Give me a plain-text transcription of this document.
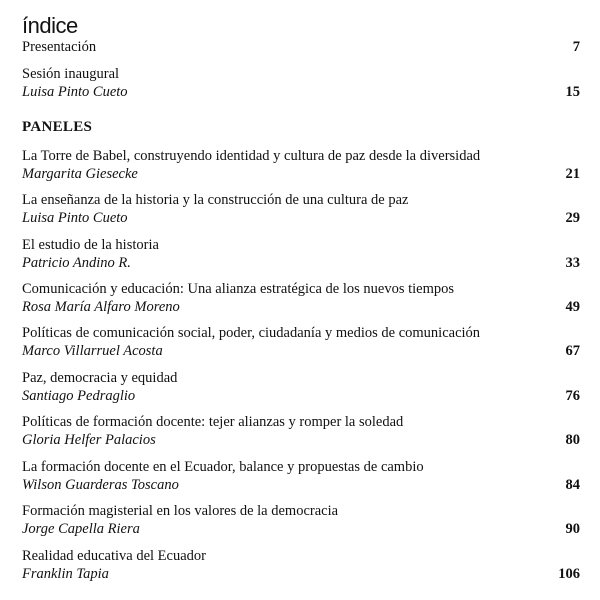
índice
Presentación	7
Sesión inaugural
Luisa Pinto Cueto	15
PANELES
La Torre de Babel, construyendo identidad y cultura de paz desde la diversidad
Margarita Giesecke	21
La enseñanza de la historia y la construcción de una cultura de paz
Luisa Pinto Cueto	29
El estudio de la historia
Patricio Andino R.	33
Comunicación y educación: Una alianza estratégica de los nuevos tiempos
Rosa María Alfaro Moreno	49
Políticas de comunicación social, poder, ciudadanía y medios de comunicación
Marco Villarruel Acosta	67
Paz, democracia y equidad
Santiago Pedraglio	76
Políticas de formación docente: tejer alianzas y romper la soledad
Gloria Helfer Palacios	80
La formación docente en el Ecuador, balance y propuestas de cambio
Wilson Guarderas Toscano	84
Formación magisterial en los valores de la democracia
Jorge Capella Riera	90
Realidad educativa del Ecuador
Franklin Tapia	106
